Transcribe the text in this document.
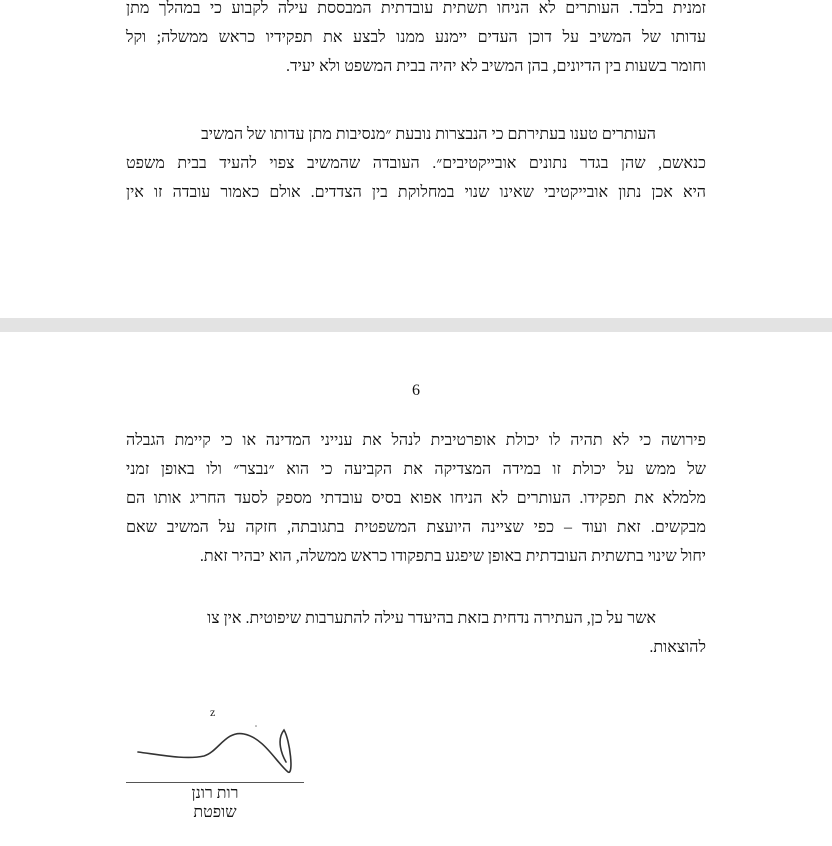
זמנית בלבד. העותרים לא הניחו תשתית עובדתית המבססת עילה לקבוע כי במהלך מתן
עדותו של המשיב על דוכן העדים יימנע ממנו לבצע את תפקידיו כראש ממשלה; וקל
וחומר בשעות בין הדיונים, בהן המשיב לא יהיה בבית המשפט ולא יעיד.
העותרים טענו בעתירתם כי הנבצרות נובעת ״מנסיבות מתן עדותו של המשיב
כנאשם, שהן בגדר נתונים אובייקטיבים״. העובדה שהמשיב צפוי להעיד בבית משפט
היא אכן נתון אובייקטיבי שאינו שנוי במחלוקת בין הצדדים. אולם כאמור עובדה זו אין
6
פירושה כי לא תהיה לו יכולת אופרטיבית לנהל את ענייני המדינה או כי קיימת הגבלה
של ממש על יכולת זו במידה המצדיקה את הקביעה כי הוא ״נבצר״ ולו באופן זמני
מלמלא את תפקידו. העותרים לא הניחו אפוא בסיס עובדתי מספק לסעד החריג אותו הם
מבקשים. זאת ועוד – כפי שציינה היועצת המשפטית בתגובתה, חזקה על המשיב שאם
יחול שינוי בתשתית העובדתית באופן שיפגע בתפקודו כראש ממשלה, הוא יבהיר זאת.
אשר על כן, העתירה נדחית בזאת בהיעדר עילה להתערבות שיפוטית. אין צו
להוצאות.
z
רות רונן
שופטת
